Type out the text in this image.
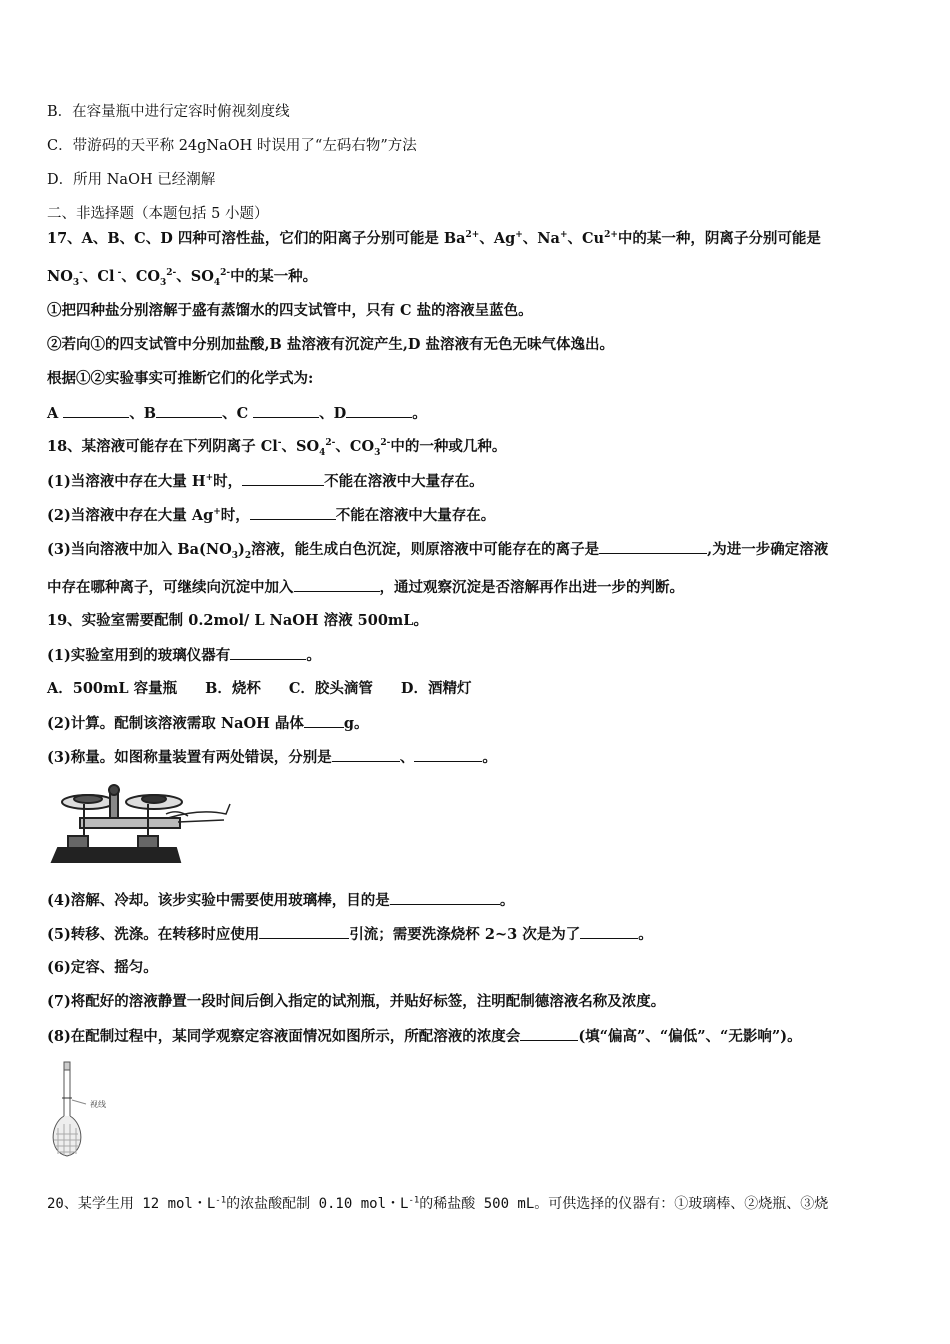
B．在容量瓶中进行定容时俯视刻度线
C．带游码的天平称 24gNaOH 时误用了“左码右物”方法
D．所用 NaOH 已经潮解
二、非选择题（本题包括 5 小题）
17、A、B、C、D 四种可溶性盐，它们的阳离子分别可能是 $Ba^{2+}$、Ag+、Na+、$Cu^{2+}$中的某一种，阴离子分别可能是
$NO_3^-$、Cl -、$CO_3^{2-}$、$SO_4^{2-}$中的某一种。
①把四种盐分别溶解于盛有蒸馏水的四支试管中，只有 C 盐的溶液呈蓝色。
②若向①的四支试管中分别加盐酸,B 盐溶液有沉淀产生,D 盐溶液有无色无味气体逸出。
根据①②实验事实可推断它们的化学式为:
A	、B	、C	、D	。
18、某溶液可能存在下列阴离子 Cl-、$SO_4^{2-}$、$CO_3^{2-}$中的一种或几种。
(1)当溶液中存在大量 H+时，	不能在溶液中大量存在。
(2)当溶液中存在大量 Ag+时，	不能在溶液中大量存在。
(3)当向溶液中加入 $Ba(NO_3)_2$溶液，能生成白色沉淀，则原溶液中可能存在的离子是	,为进一步确定溶液
中存在哪种离子，可继续向沉淀中加入	，通过观察沉淀是否溶解再作出进一步的判断。
19、实验室需要配制 0.2mol/ L NaOH 溶液 500mL。
(1)实验室用到的玻璃仪器有	。
A．500mL 容量瓶 B．烧杯 C．胶头滴管 D．酒精灯
(2)计算。配制该溶液需取 NaOH 晶体	g。
(3)称量。如图称量装置有两处错误，分别是	、	。
(4)溶解、冷却。该步实验中需要使用玻璃棒，目的是	。
(5)转移、洗涤。在转移时应使用	引流；需要洗涤烧杯 2~3 次是为了	。
(6)定容、摇匀。
(7)将配好的溶液静置一段时间后倒入指定的试剂瓶，并贴好标签，注明配制德溶液名称及浓度。
(8)在配制过程中，某同学观察定容液面情况如图所示，所配溶液的浓度会	(填“偏高”、“偏低”、“无影响”)。
视线
20、某学生用 12 mol・$L^{-1}$的浓盐酸配制 0.10 mol・$L^{-1}$的稀盐酸 500 mL。可供选择的仪器有：①玻璃棒、②烧瓶、③烧
